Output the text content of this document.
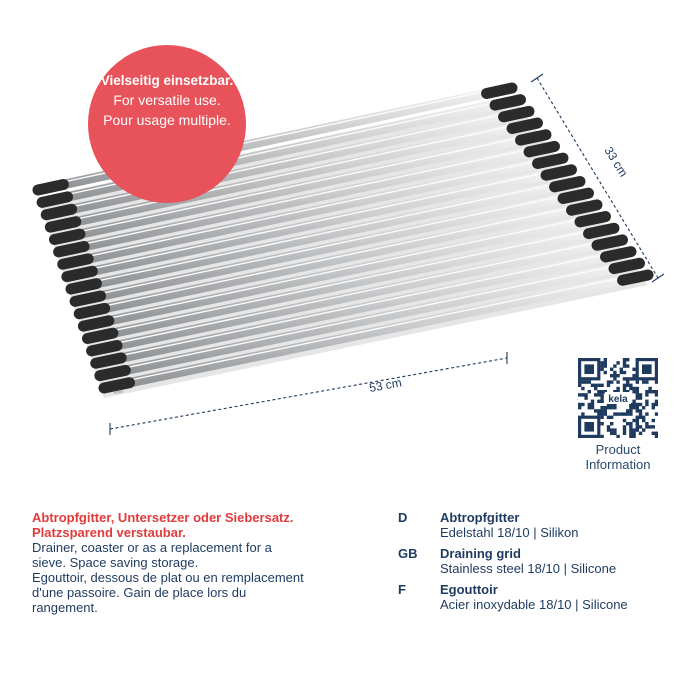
kela	53 cm
33 cm
Vielseitig einsetzbar.
For versatile use.
Pour usage multiple.
kela
Product
Information
Abtropfgitter, Untersetzer oder Siebersatz.
Platzsparend verstaubar.
Drainer, coaster or as a replacement for a
sieve. Space saving storage.
Egouttoir, dessous de plat ou en remplacement
d'une passoire. Gain de place lors du
rangement.
D	Abtropfgitter
Edelstahl 18/10 | Silikon
GB	Draining grid
Stainless steel 18/10 | Silicone
F	Egouttoir
Acier inoxydable 18/10 | Silicone
